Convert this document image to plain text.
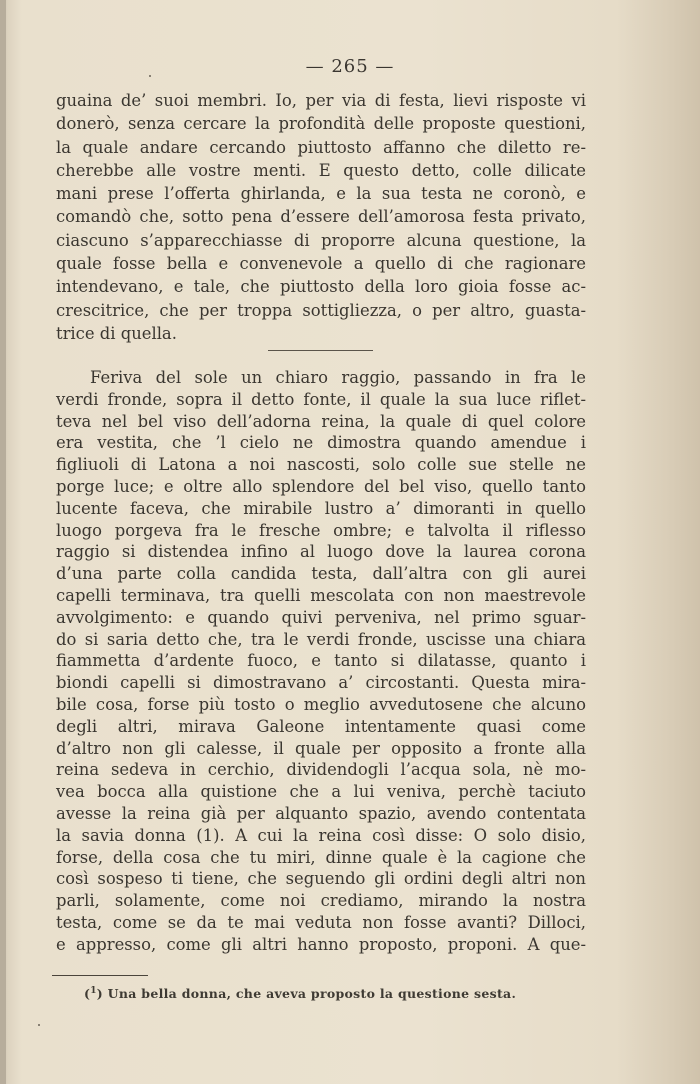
— 265 —
guaina de’ suoi membri. Io, per via di festa, lievi risposte vi
donerò, senza cercare la profondità delle proposte questioni,
la quale andare cercando piuttosto affanno che diletto re-
cherebbe alle vostre menti. E questo detto, colle dilicate
mani prese l’offerta ghirlanda, e la sua testa ne coronò, e
comandò che, sotto pena d’essere dell’amorosa festa privato,
ciascuno s’apparecchiasse di proporre alcuna questione, la
quale fosse bella e convenevole a quello di che ragionare
intendevano, e tale, che piuttosto della loro gioia fosse ac-
crescitrice, che per troppa sottigliezza, o per altro, guasta-
trice di quella.
Feriva del sole un chiaro raggio, passando in fra le
verdi fronde, sopra il detto fonte, il quale la sua luce riflet-
teva nel bel viso dell’adorna reina, la quale di quel colore
era vestita, che ’l cielo ne dimostra quando amendue i
figliuoli di Latona a noi nascosti, solo colle sue stelle ne
porge luce; e oltre allo splendore del bel viso, quello tanto
lucente faceva, che mirabile lustro a’ dimoranti in quello
luogo porgeva fra le fresche ombre; e talvolta il riflesso
raggio si distendea infino al luogo dove la laurea corona
d’una parte colla candida testa, dall’altra con gli aurei
capelli terminava, tra quelli mescolata con non maestrevole
avvolgimento: e quando quivi perveniva, nel primo sguar-
do si saria detto che, tra le verdi fronde, uscisse una chiara
fiammetta d’ardente fuoco, e tanto si dilatasse, quanto i
biondi capelli si dimostravano a’ circostanti. Questa mira-
bile cosa, forse più tosto o meglio avvedutosene che alcuno
degli altri, mirava Galeone intentamente quasi come
d’altro non gli calesse, il quale per opposito a fronte alla
reina sedeva in cerchio, dividendogli l’acqua sola, nè mo-
vea bocca alla quistione che a lui veniva, perchè taciuto
avesse la reina già per alquanto spazio, avendo contentata
la savia donna (1). A cui la reina così disse: O solo disio,
forse, della cosa che tu miri, dinne quale è la cagione che
così sospeso ti tiene, che seguendo gli ordini degli altri non
parli, solamente, come noi crediamo, mirando la nostra
testa, come se da te mai veduta non fosse avanti? Dilloci,
e appresso, come gli altri hanno proposto, proponi. A que-
($^1$) Una bella donna, che aveva proposto la questione sesta.
